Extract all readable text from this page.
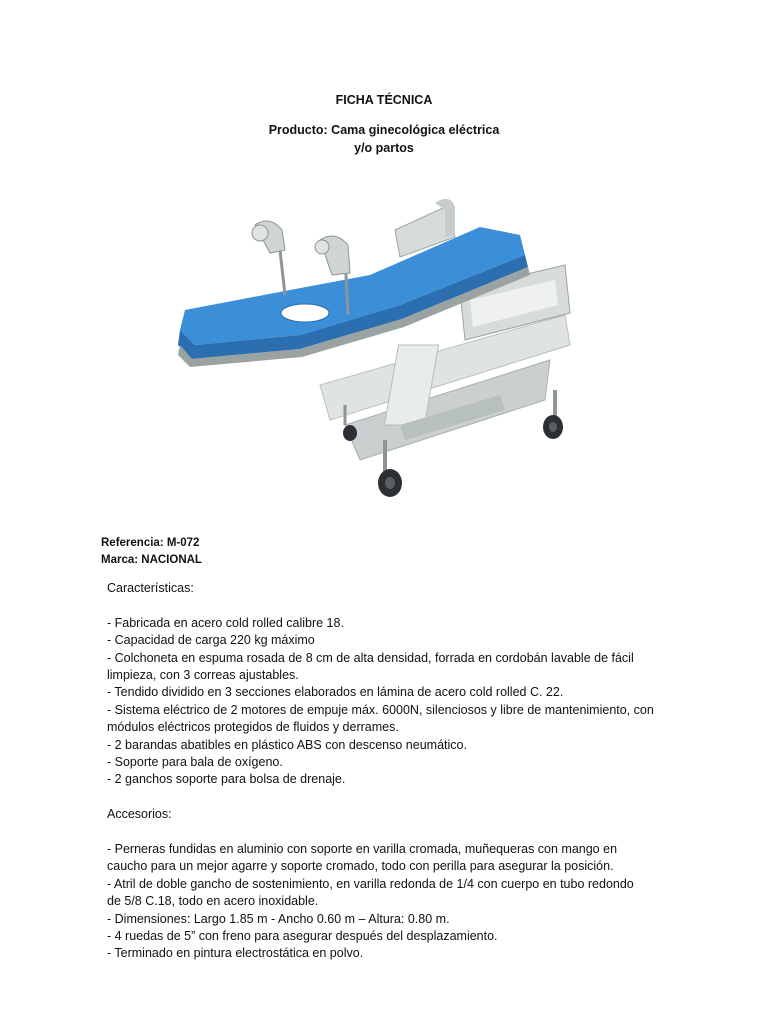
FICHA TÉCNICA
Producto: Cama ginecológica eléctrica
y/o partos
Referencia: M-072
Marca: NACIONAL

Características:

- Fabricada en acero cold rolled calibre 18.

- Capacidad de carga 220 kg máximo

- Colchoneta en espuma rosada de 8 cm de alta densidad, forrada en cordobán lavable de fácil

limpieza, con 3 correas ajustables.

- Tendido dividido en 3 secciones elaborados en lámina de acero cold rolled C. 22.

- Sistema eléctrico de 2 motores de empuje máx. 6000N, silenciosos y libre de mantenimiento, con

módulos eléctricos protegidos de fluidos y derrames.

- 2 barandas abatibles en plástico ABS con descenso neumático.

- Soporte para bala de oxígeno.

- 2 ganchos soporte para bolsa de drenaje.

Accesorios:

- Perneras fundidas en aluminio con soporte en varilla cromada, muñequeras con mango en

caucho para un mejor agarre y soporte cromado, todo con perilla para asegurar la posición.

- Atril de doble gancho de sostenimiento, en varilla redonda de 1/4 con cuerpo en tubo redondo

de 5/8 C.18, todo en acero inoxidable.

- Dimensiones: Largo 1.85 m - Ancho 0.60 m – Altura: 0.80 m.

- 4 ruedas de 5” con freno para asegurar después del desplazamiento.

- Terminado en pintura electrostática en polvo.
